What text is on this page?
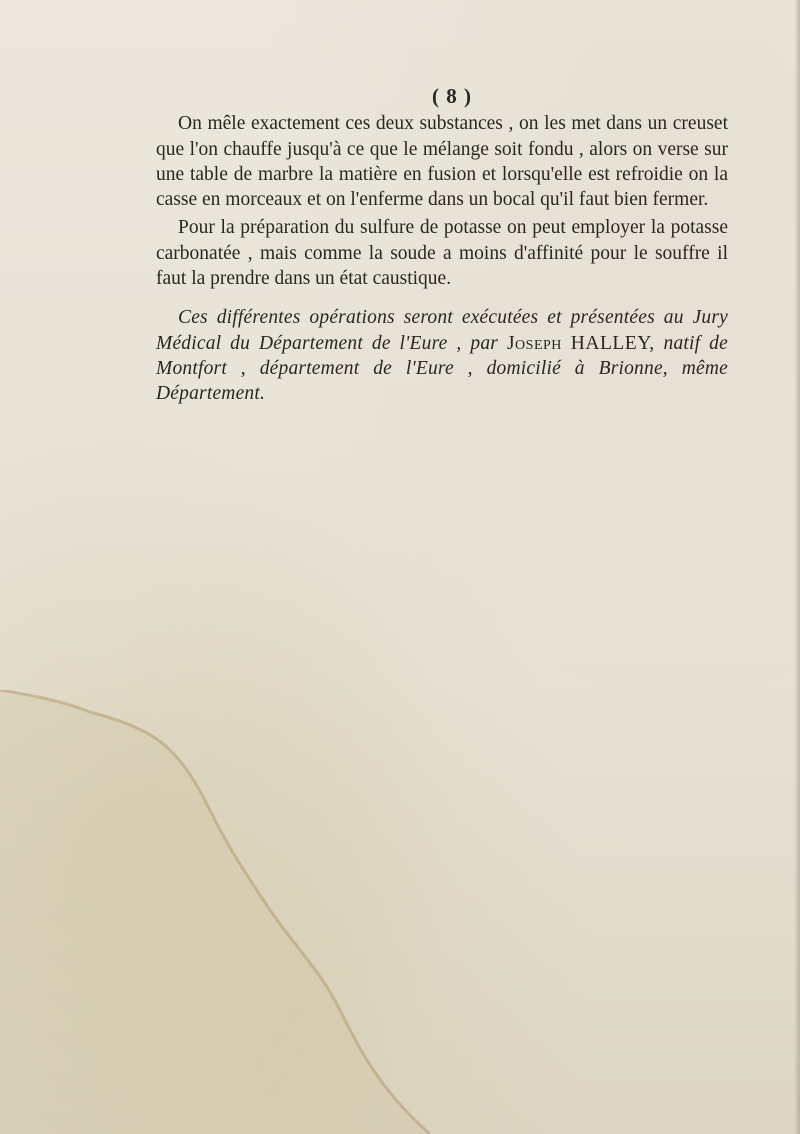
( 8 )

On mêle exactement ces deux substances , on les met dans un creuset que l'on chauffe jusqu'à ce que le mélange soit fondu , alors on verse sur une table de marbre la matière en fusion et lorsqu'elle est refroidie on la casse en morceaux et on l'enferme dans un bocal qu'il faut bien fermer.

Pour la préparation du sulfure de potasse on peut employer la potasse carbonatée , mais comme la soude a moins d'affinité pour le souffre il faut la prendre dans un état caustique.

Ces différentes opérations seront exécutées et présentées au Jury Médical du Département de l'Eure , par Joseph HALLEY, natif de Montfort , département de l'Eure , domicilié à Brionne, même Département.
